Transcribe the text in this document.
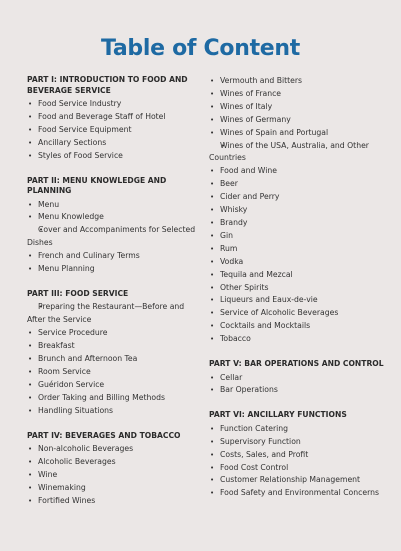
Table of Content
PART I: INTRODUCTION TO FOOD AND BEVERAGE SERVICE
• Food Service Industry
• Food and Beverage Staff of Hotel
• Food Service Equipment
• Ancillary Sections
• Styles of Food Service
PART II: MENU KNOWLEDGE AND PLANNING
• Menu
• Menu Knowledge
• Cover and Accompaniments for Selected Dishes
• French and Culinary Terms
• Menu Planning
PART III: FOOD SERVICE
• Preparing the Restaurant—Before and After the Service
• Service Procedure
• Breakfast
• Brunch and Afternoon Tea
• Room Service
• Guéridon Service
• Order Taking and Billing Methods
• Handling Situations
PART IV: BEVERAGES AND TOBACCO
• Non-alcoholic Beverages
• Alcoholic Beverages
• Wine
• Winemaking
• Fortified Wines
• Vermouth and Bitters
• Wines of France
• Wines of Italy
• Wines of Germany
• Wines of Spain and Portugal
• Wines of the USA, Australia, and Other Countries
• Food and Wine
• Beer
• Cider and Perry
• Whisky
• Brandy
• Gin
• Rum
• Vodka
• Tequila and Mezcal
• Other Spirits
• Liqueurs and Eaux-de-vie
• Service of Alcoholic Beverages
• Cocktails and Mocktails
• Tobacco
PART V: BAR OPERATIONS AND CONTROL
• Cellar
• Bar Operations
PART VI: ANCILLARY FUNCTIONS
• Function Catering
• Supervisory Function
• Costs, Sales, and Profit
• Food Cost Control
• Customer Relationship Management
• Food Safety and Environmental Concerns
